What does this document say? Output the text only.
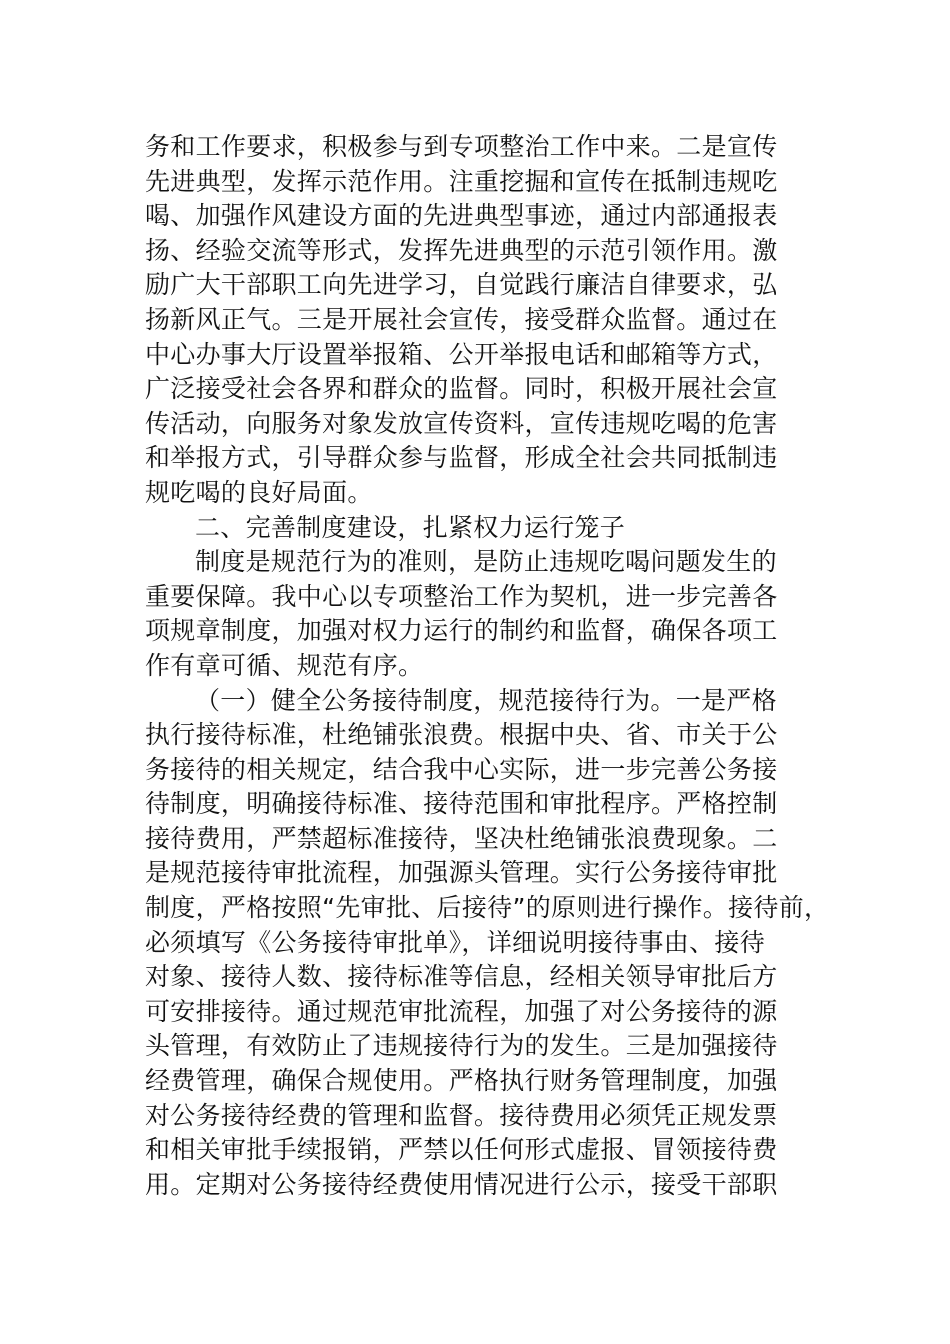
务和工作要求，积极参与到专项整治工作中来。二是宣传
先进典型，发挥示范作用。注重挖掘和宣传在抵制违规吃
喝、加强作风建设方面的先进典型事迹，通过内部通报表
扬、经验交流等形式，发挥先进典型的示范引领作用。激
励广大干部职工向先进学习，自觉践行廉洁自律要求，弘
扬新风正气。三是开展社会宣传，接受群众监督。通过在
中心办事大厅设置举报箱、公开举报电话和邮箱等方式，
广泛接受社会各界和群众的监督。同时，积极开展社会宣
传活动，向服务对象发放宣传资料，宣传违规吃喝的危害
和举报方式，引导群众参与监督，形成全社会共同抵制违
规吃喝的良好局面。
二、完善制度建设，扎紧权力运行笼子
制度是规范行为的准则，是防止违规吃喝问题发生的
重要保障。我中心以专项整治工作为契机，进一步完善各
项规章制度，加强对权力运行的制约和监督，确保各项工
作有章可循、规范有序。
（一）健全公务接待制度，规范接待行为。一是严格
执行接待标准，杜绝铺张浪费。根据中央、省、市关于公
务接待的相关规定，结合我中心实际，进一步完善公务接
待制度，明确接待标准、接待范围和审批程序。严格控制
接待费用，严禁超标准接待，坚决杜绝铺张浪费现象。二
是规范接待审批流程，加强源头管理。实行公务接待审批
制度，严格按照“先审批、后接待”的原则进行操作。接待前，
必须填写《公务接待审批单》，详细说明接待事由、接待
对象、接待人数、接待标准等信息，经相关领导审批后方
可安排接待。通过规范审批流程，加强了对公务接待的源
头管理，有效防止了违规接待行为的发生。三是加强接待
经费管理，确保合规使用。严格执行财务管理制度，加强
对公务接待经费的管理和监督。接待费用必须凭正规发票
和相关审批手续报销，严禁以任何形式虚报、冒领接待费
用。定期对公务接待经费使用情况进行公示，接受干部职
